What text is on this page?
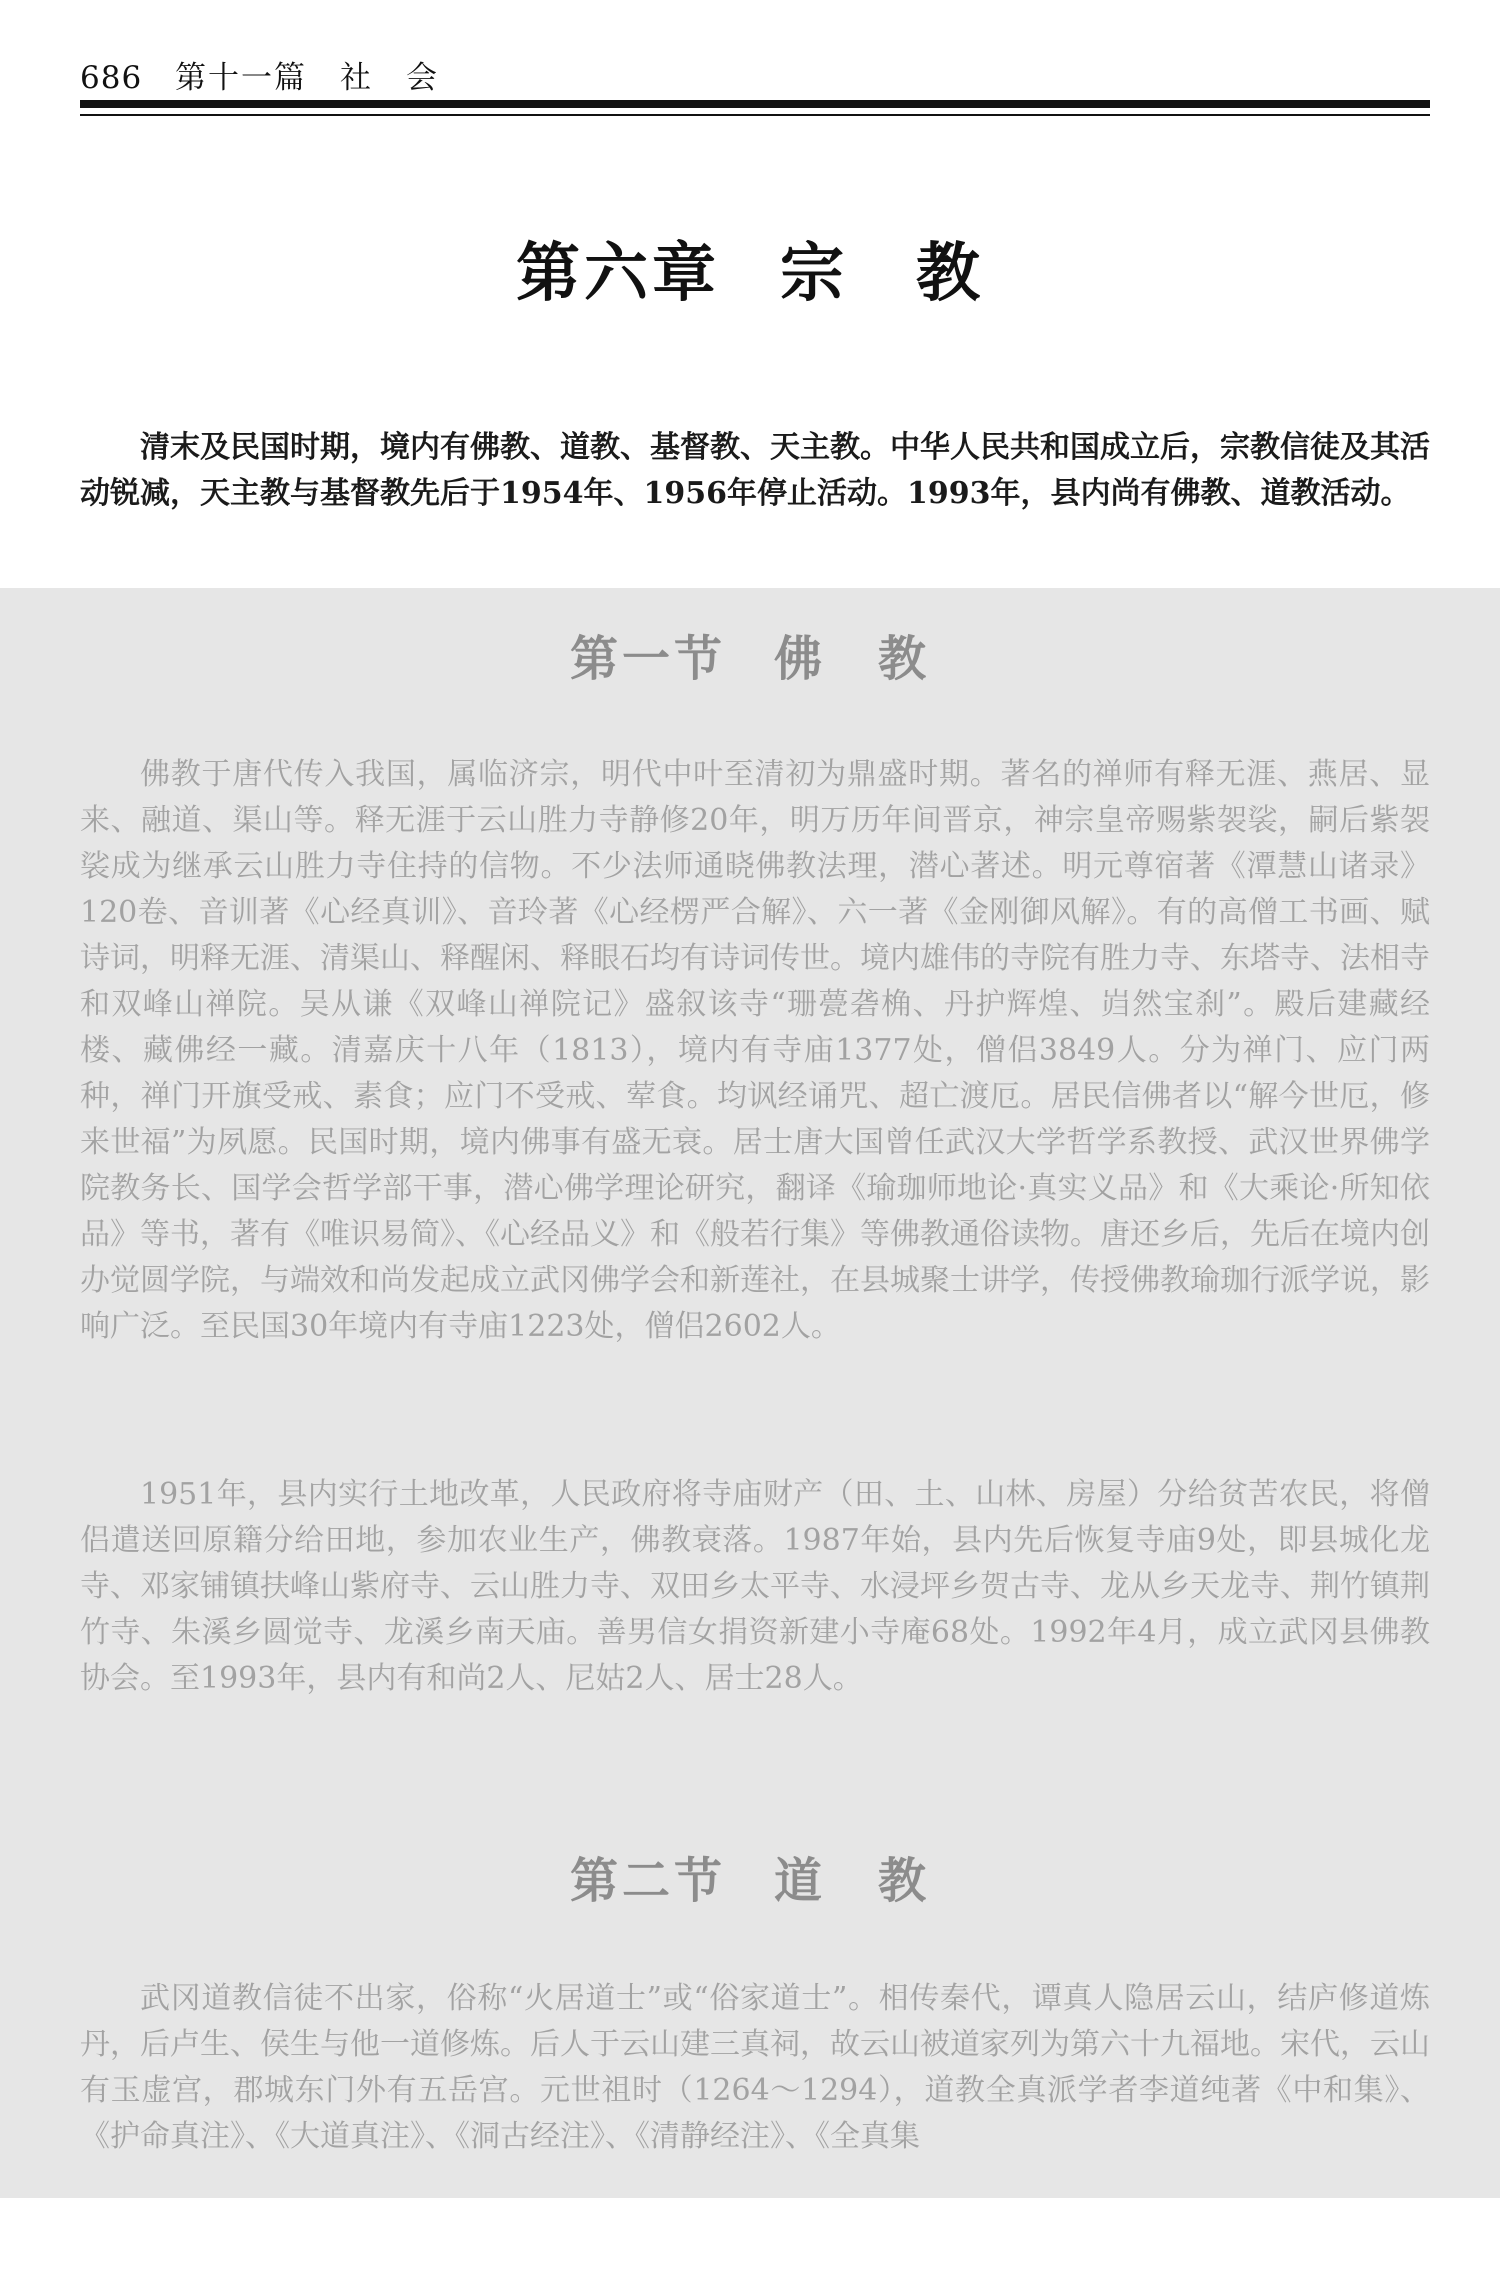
686 第十一篇　社　会
第六章 宗　教

清末及民国时期，境内有佛教、道教、基督教、天主教。中华人民共和国成立后，宗教信徒及其活动锐减，天主教与基督教先后于1954年、1956年停止活动。1993年，县内尚有佛教、道教活动。

第一节 佛　教

佛教于唐代传入我国，属临济宗，明代中叶至清初为鼎盛时期。著名的禅师有释无涯、燕居、显来、融道、渠山等。释无涯于云山胜力寺静修20年，明万历年间晋京，神宗皇帝赐紫袈裟，嗣后紫袈裟成为继承云山胜力寺住持的信物。不少法师通晓佛教法理，潜心著述。明元尊宿著《潭慧山诸录》120卷、音训著《心经真训》、音玲著《心经楞严合解》、六一著《金刚御风解》。有的高僧工书画、赋诗词，明释无涯、清渠山、释醒闲、释眼石均有诗词传世。境内雄伟的寺院有胜力寺、东塔寺、法相寺和双峰山禅院。吴从谦《双峰山禅院记》盛叙该寺“珊甍砻桷、丹护辉煌、岿然宝刹”。殿后建藏经楼、藏佛经一藏。清嘉庆十八年（1813），境内有寺庙1377处，僧侣3849人。分为禅门、应门两种，禅门开旗受戒、素食；应门不受戒、荤食。均讽经诵咒、超亡渡厄。居民信佛者以“解今世厄，修来世福”为夙愿。民国时期，境内佛事有盛无衰。居士唐大国曾任武汉大学哲学系教授、武汉世界佛学院教务长、国学会哲学部干事，潜心佛学理论研究，翻译《瑜珈师地论·真实义品》和《大乘论·所知依品》等书，著有《唯识易简》、《心经品义》和《般若行集》等佛教通俗读物。唐还乡后，先后在境内创办觉圆学院，与端效和尚发起成立武冈佛学会和新莲社，在县城聚士讲学，传授佛教瑜珈行派学说，影响广泛。至民国30年境内有寺庙1223处，僧侣2602人。

1951年，县内实行土地改革，人民政府将寺庙财产（田、土、山林、房屋）分给贫苦农民，将僧侣遣送回原籍分给田地，参加农业生产，佛教衰落。1987年始，县内先后恢复寺庙9处，即县城化龙寺、邓家铺镇扶峰山紫府寺、云山胜力寺、双田乡太平寺、水浸坪乡贺古寺、龙从乡天龙寺、荆竹镇荆竹寺、朱溪乡圆觉寺、龙溪乡南天庙。善男信女捐资新建小寺庵68处。1992年4月，成立武冈县佛教协会。至1993年，县内有和尚2人、尼姑2人、居士28人。

第二节 道　教

武冈道教信徒不出家，俗称“火居道士”或“俗家道士”。相传秦代，谭真人隐居云山，结庐修道炼丹，后卢生、侯生与他一道修炼。后人于云山建三真祠，故云山被道家列为第六十九福地。宋代，云山有玉虚宫，郡城东门外有五岳宫。元世祖时（1264～1294），道教全真派学者李道纯著《中和集》、《护命真注》、《大道真注》、《洞古经注》、《清静经注》、《全真集
